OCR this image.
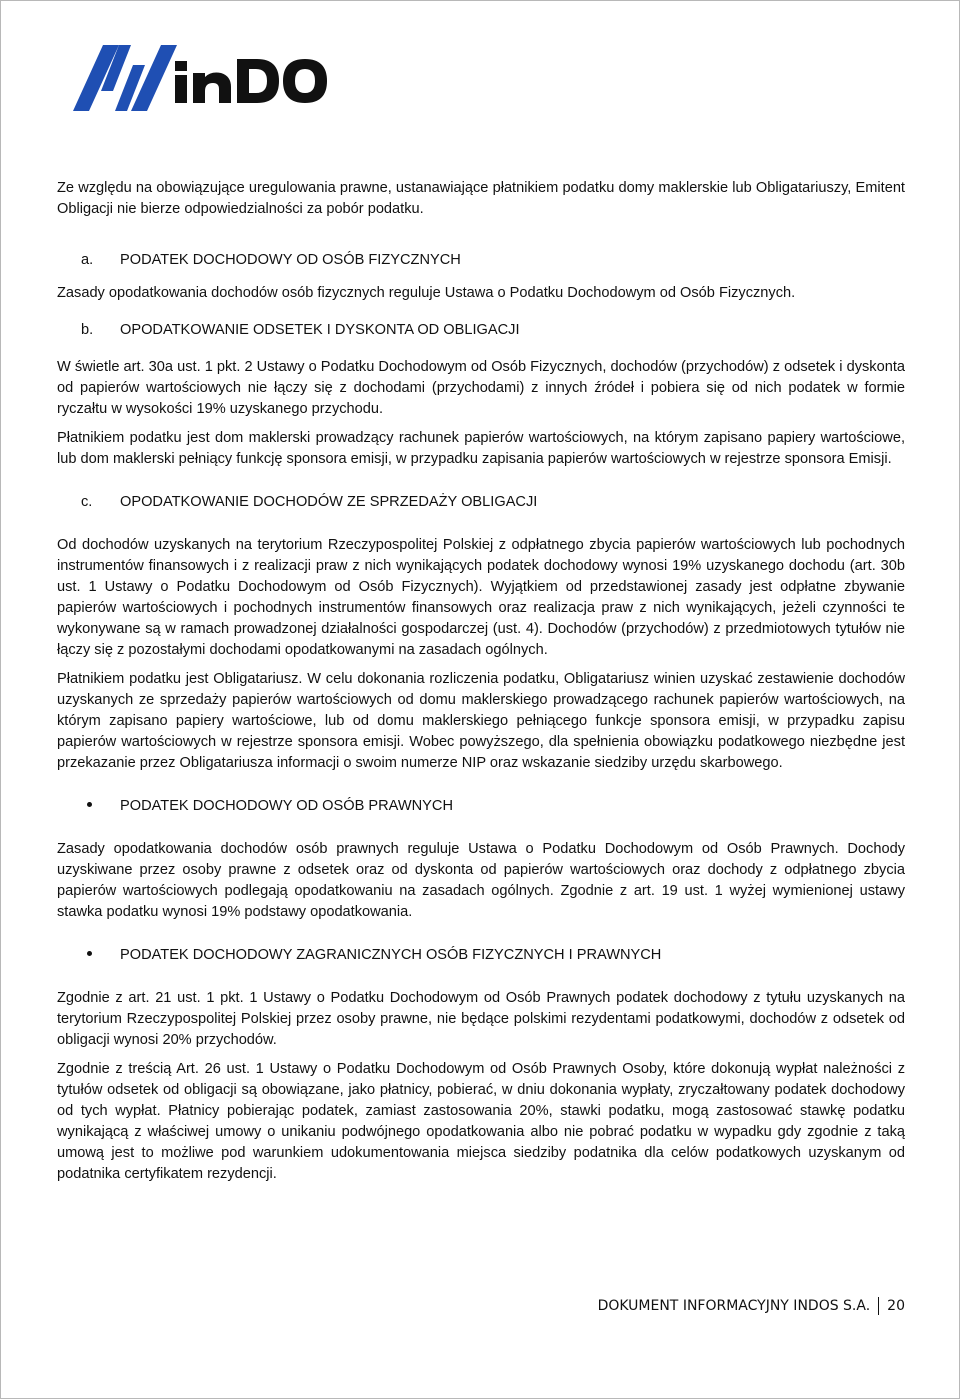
Ze względu na obowiązujące uregulowania prawne, ustanawiające płatnikiem podatku domy maklerskie lub Obligatariuszy, Emitent Obligacji nie bierze odpowiedzialności za pobór podatku.

a.	PODATEK DOCHODOWY OD OSÓB FIZYCZNYCH

Zasady opodatkowania dochodów osób fizycznych reguluje Ustawa o Podatku Dochodowym od Osób Fizycznych.

b.	OPODATKOWANIE ODSETEK I DYSKONTA OD OBLIGACJI

W świetle art. 30a ust. 1 pkt. 2 Ustawy o Podatku Dochodowym od Osób Fizycznych, dochodów (przychodów) z odsetek i dyskonta od papierów wartościowych nie łączy się z dochodami (przychodami) z innych źródeł i pobiera się od nich podatek w formie ryczałtu w wysokości 19% uzyskanego przychodu.

Płatnikiem podatku jest dom maklerski prowadzący rachunek papierów wartościowych, na którym zapisano papiery wartościowe, lub dom maklerski pełniący funkcję sponsora emisji, w przypadku zapisania papierów wartościowych w rejestrze sponsora Emisji.

c.	OPODATKOWANIE DOCHODÓW ZE SPRZEDAŻY OBLIGACJI

Od dochodów uzyskanych na terytorium Rzeczypospolitej Polskiej z odpłatnego zbycia papierów wartościowych lub pochodnych instrumentów finansowych i z realizacji praw z nich wynikających podatek dochodowy wynosi 19% uzyskanego dochodu (art. 30b ust. 1 Ustawy o Podatku Dochodowym od Osób Fizycznych). Wyjątkiem od przedstawionej zasady jest odpłatne zbywanie papierów wartościowych i pochodnych instrumentów finansowych oraz realizacja praw z nich wynikających, jeżeli czynności te wykonywane są w ramach prowadzonej działalności gospodarczej (ust. 4). Dochodów (przychodów) z przedmiotowych tytułów nie łączy się z pozostałymi dochodami opodatkowanymi na zasadach ogólnych.

Płatnikiem podatku jest Obligatariusz. W celu dokonania rozliczenia podatku, Obligatariusz winien uzyskać zestawienie dochodów uzyskanych ze sprzedaży papierów wartościowych od domu maklerskiego prowadzącego rachunek papierów wartościowych, na którym zapisano papiery wartościowe, lub od domu maklerskiego pełniącego funkcje sponsora emisji, w przypadku zapisu papierów wartościowych w rejestrze sponsora emisji. Wobec powyższego, dla spełnienia obowiązku podatkowego niezbędne jest przekazanie przez Obligatariusza informacji o swoim numerze NIP oraz wskazanie siedziby urzędu skarbowego.

PODATEK DOCHODOWY OD OSÓB PRAWNYCH

Zasady opodatkowania dochodów osób prawnych reguluje Ustawa o Podatku Dochodowym od Osób Prawnych. Dochody uzyskiwane przez osoby prawne z odsetek oraz od dyskonta od papierów wartościowych oraz dochody z odpłatnego zbycia papierów wartościowych podlegają opodatkowaniu na zasadach ogólnych. Zgodnie z art. 19 ust. 1 wyżej wymienionej ustawy stawka podatku wynosi 19% podstawy opodatkowania.

PODATEK DOCHODOWY ZAGRANICZNYCH OSÓB FIZYCZNYCH I PRAWNYCH

Zgodnie z art. 21 ust. 1 pkt. 1 Ustawy o Podatku Dochodowym od Osób Prawnych podatek dochodowy z tytułu uzyskanych na terytorium Rzeczypospolitej Polskiej przez osoby prawne, nie będące polskimi rezydentami podatkowymi, dochodów z odsetek od obligacji wynosi 20% przychodów.

Zgodnie z treścią Art. 26 ust. 1 Ustawy o Podatku Dochodowym od Osób Prawnych Osoby, które dokonują wypłat należności z tytułów odsetek od obligacji są obowiązane, jako płatnicy, pobierać, w dniu dokonania wypłaty, zryczałtowany podatek dochodowy od tych wypłat. Płatnicy pobierając podatek, zamiast zastosowania 20%, stawki podatku, mogą zastosować stawkę podatku wynikającą z właściwej umowy o unikaniu podwójnego opodatkowania albo nie pobrać podatku w wypadku gdy zgodnie z taką umową jest to możliwe pod warunkiem udokumentowania miejsca siedziby podatnika dla celów podatkowych uzyskanym od podatnika certyfikatem rezydencji.

DOKUMENT INFORMACYJNY INDOS S.A. 20
